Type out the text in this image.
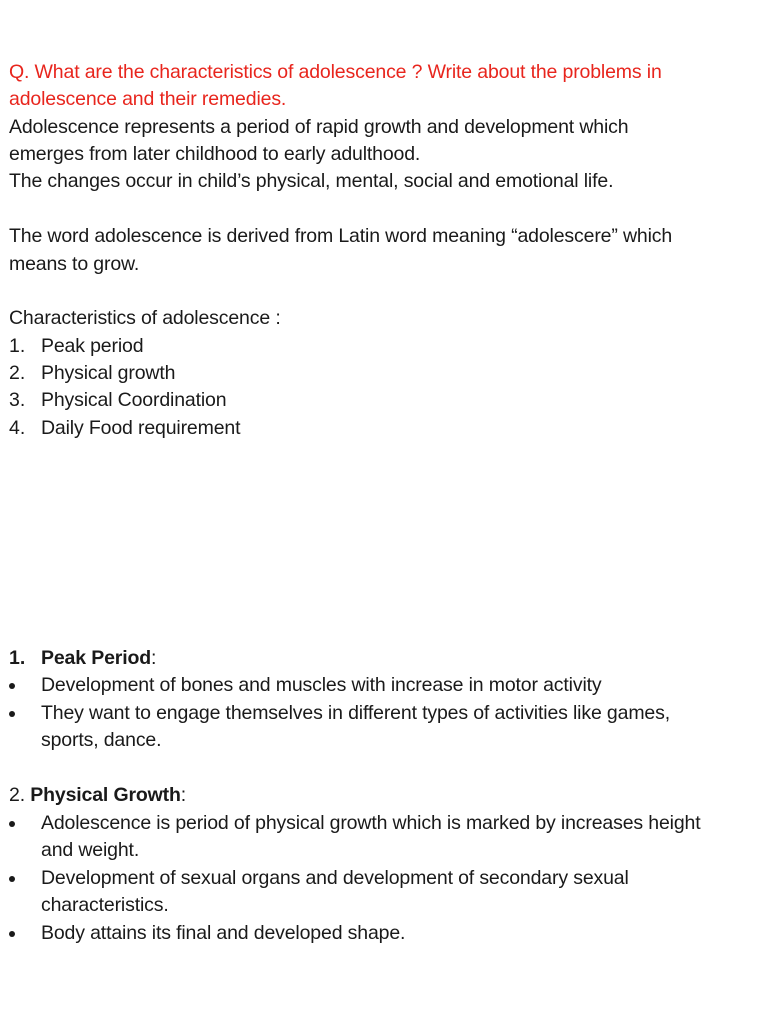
Q. What are the characteristics of adolescence ? Write about the problems in
adolescence and their remedies.
Adolescence represents a period of rapid growth and development which
emerges from later childhood to early adulthood.
The changes occur in child’s physical, mental, social and emotional life.
The word adolescence is derived from Latin word meaning “adolescere” which
means to grow.
Characteristics of adolescence :
1. Peak period
2. Physical growth
3. Physical Coordination
4. Daily Food requirement
1. Peak Period:
Development of bones and muscles with increase in motor activity
They want to engage themselves in different types of activities like games,
sports, dance.
2. Physical Growth:
Adolescence is period of physical growth which is marked by increases height
and weight.
Development of sexual organs and development of secondary sexual
characteristics.
Body attains its final and developed shape.
